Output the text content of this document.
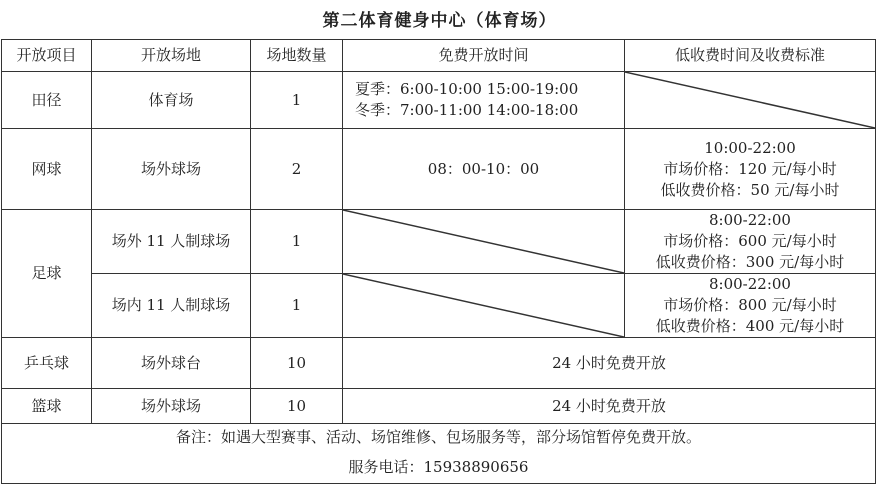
第二体育健身中心（体育场）
开放项目	开放场地	场地数量	免费开放时间	低收费时间及收费标准
田径	体育场	1	夏季：6:00-10:00 15:00-19:00
冬季：7:00-11:00 14:00-18:00

网球	场外球场	2	08：00-10：00	10:00-22:00
市场价格：120 元/每小时
低收费价格：50 元/每小时

足球	场外 11 人制球场	1		8:00-22:00
市场价格：600 元/每小时
低收费价格：300 元/每小时

	场内 11 人制球场	1		8:00-22:00
市场价格：800 元/每小时
低收费价格：400 元/每小时

乒乓球	场外球台	10	24 小时免费开放	
篮球	场外球场	10	24 小时免费开放	
备注：如遇大型赛事、活动、场馆维修、包场服务等，部分场馆暂停免费开放。				
服务电话：15938890656				
